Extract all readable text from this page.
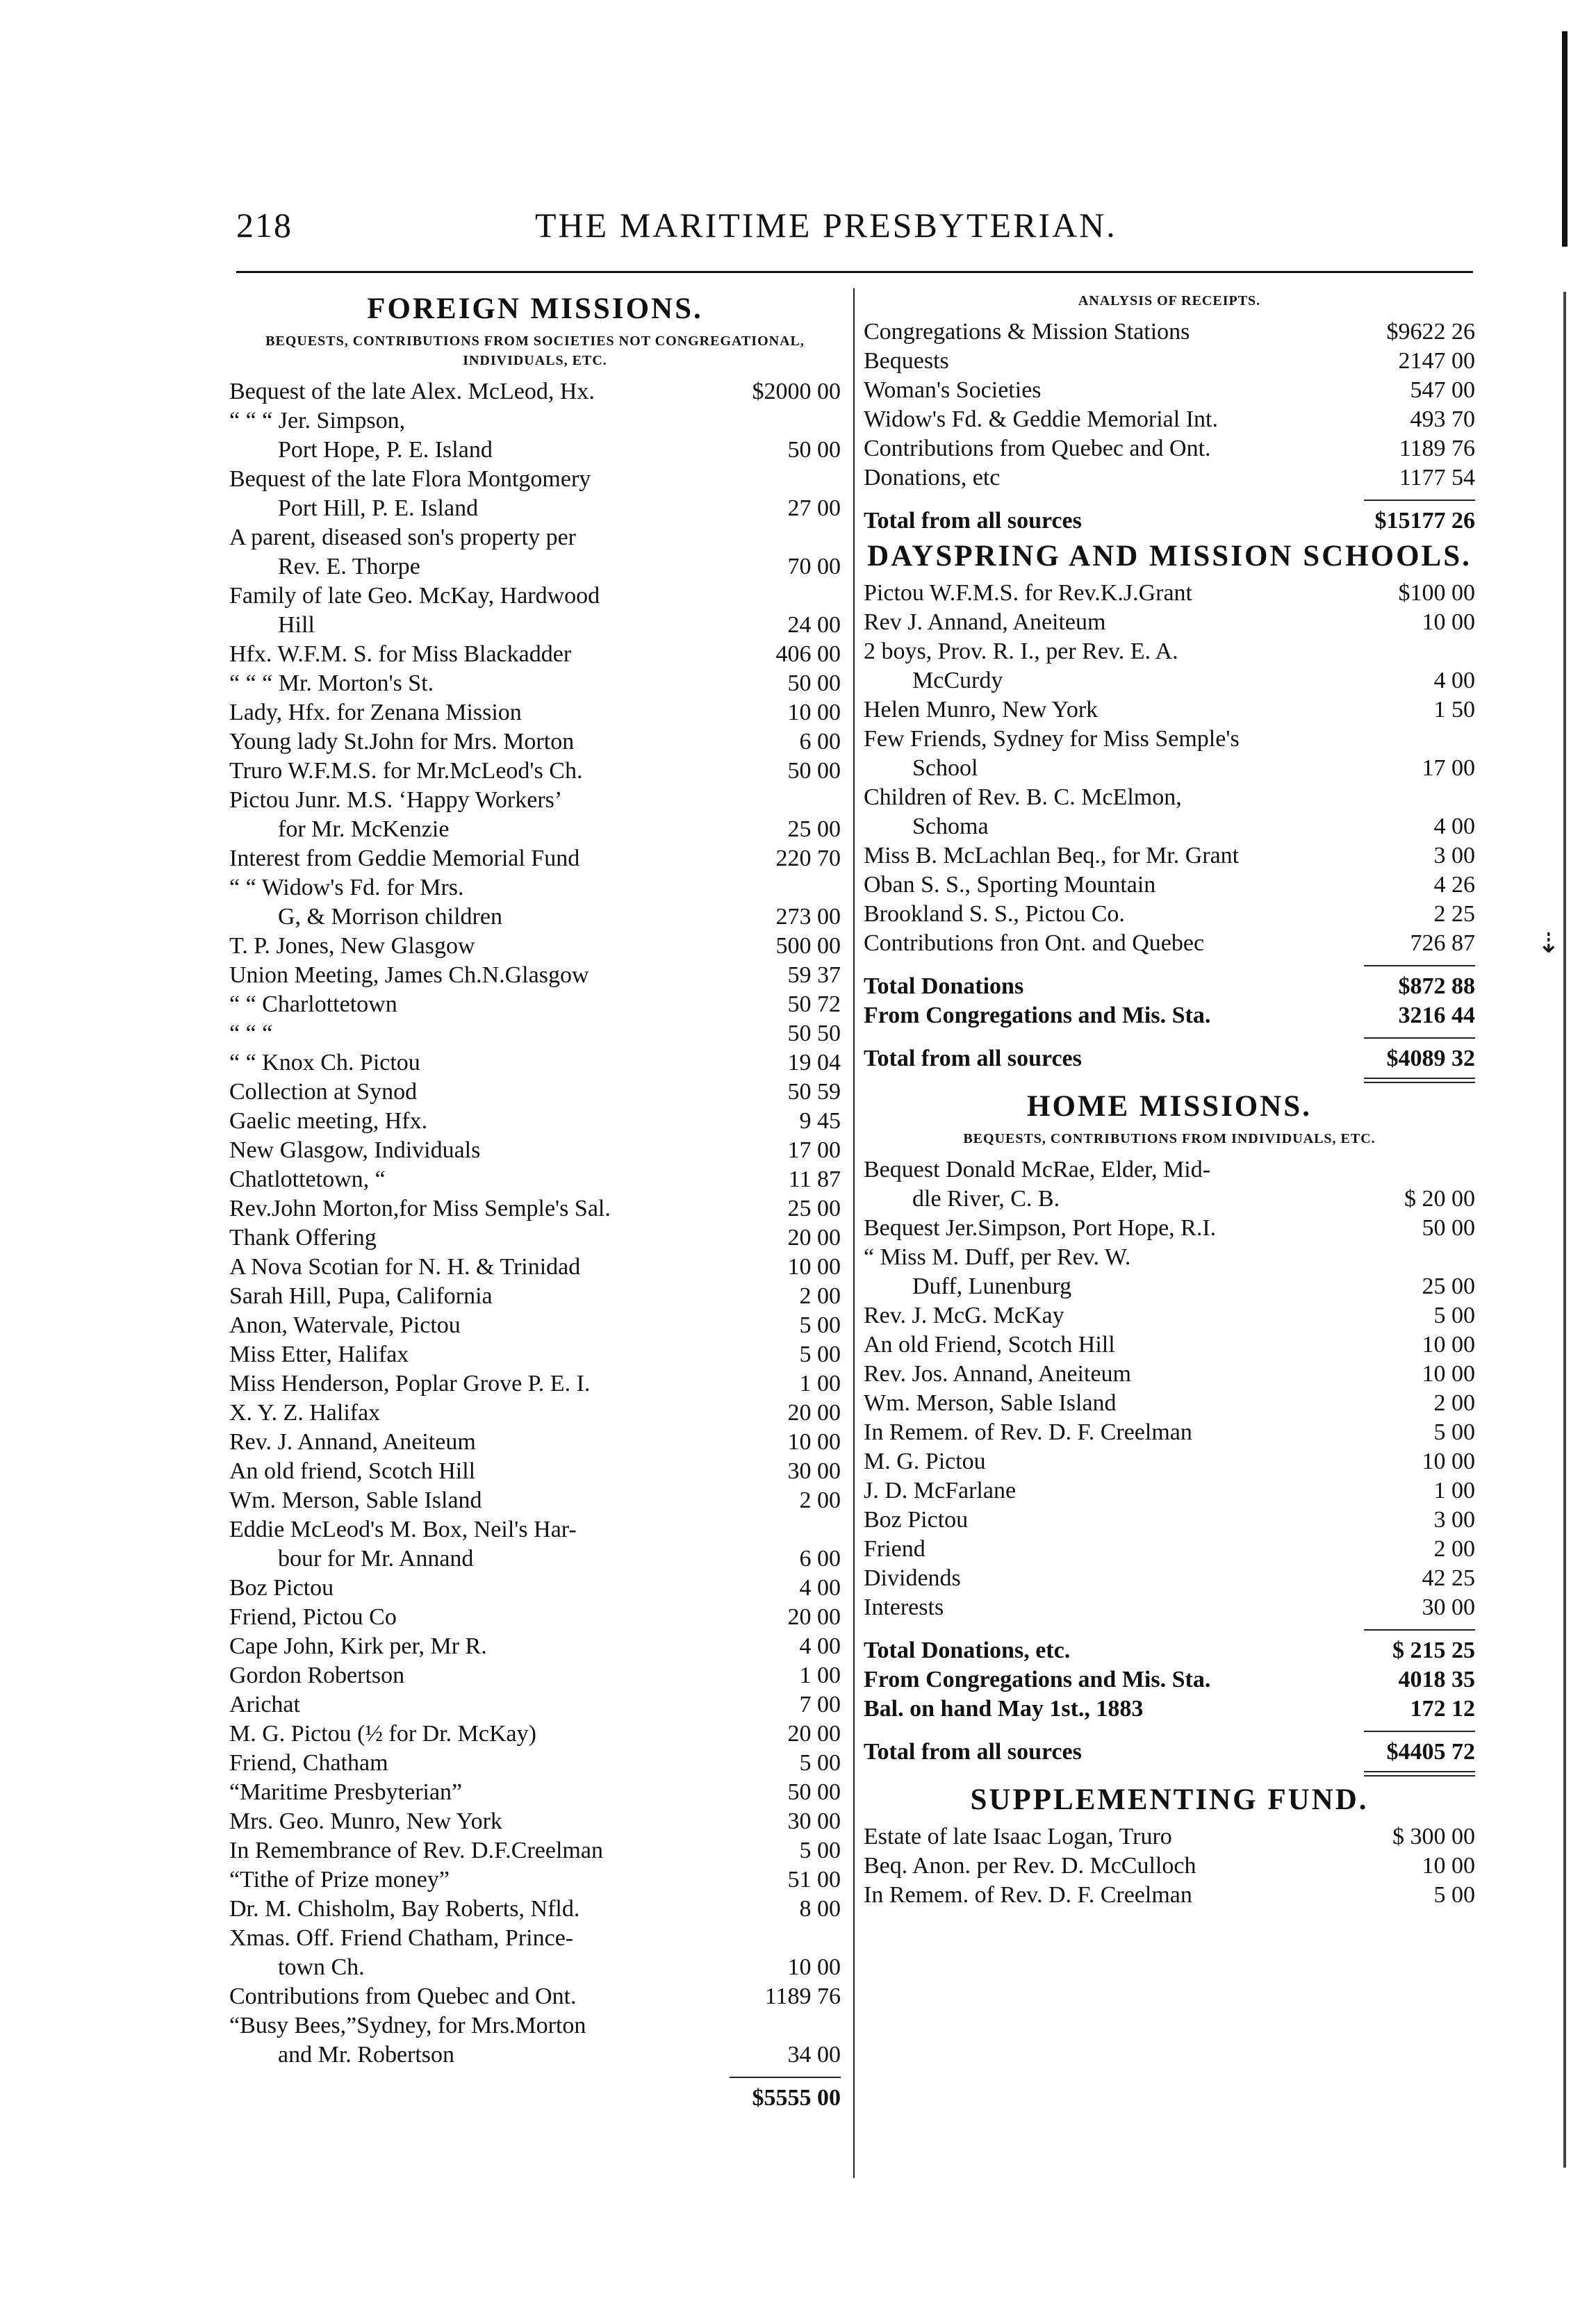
218	THE MARITIME PRESBYTERIAN.
⇣
FOREIGN MISSIONS.
BEQUESTS, CONTRIBUTIONS FROM SOCIETIES NOT CONGREGATIONAL, INDIVIDUALS, ETC.
Bequest of the late Alex. McLeod, Hx.	$2000 00
“ “ “ Jer. Simpson,
Port Hope, P. E. Island	50 00
Bequest of the late Flora Montgomery
Port Hill, P. E. Island	27 00
A parent, diseased son's property per
Rev. E. Thorpe	70 00
Family of late Geo. McKay, Hardwood
Hill	24 00
Hfx. W.F.M. S. for Miss Blackadder	406 00
“ “ “ Mr. Morton's St.	50 00
Lady, Hfx. for Zenana Mission	10 00
Young lady St.John for Mrs. Morton	6 00
Truro W.F.M.S. for Mr.McLeod's Ch.	50 00
Pictou Junr. M.S. ‘Happy Workers’
for Mr. McKenzie	25 00
Interest from Geddie Memorial Fund	220 70
“ “ Widow's Fd. for Mrs.
G, & Morrison children	273 00
T. P. Jones, New Glasgow	500 00
Union Meeting, James Ch.N.Glasgow	59 37
“ “ Charlottetown	50 72
“ “ “	50 50
“ “ Knox Ch. Pictou	19 04
Collection at Synod	50 59
Gaelic meeting, Hfx.	9 45
New Glasgow, Individuals	17 00
Chatlottetown, “	11 87
Rev.John Morton,for Miss Semple's Sal.	25 00
Thank Offering	20 00
A Nova Scotian for N. H. & Trinidad	10 00
Sarah Hill, Pupa, California	2 00
Anon, Watervale, Pictou	5 00
Miss Etter, Halifax	5 00
Miss Henderson, Poplar Grove P. E. I.	1 00
X. Y. Z. Halifax	20 00
Rev. J. Annand, Aneiteum	10 00
An old friend, Scotch Hill	30 00
Wm. Merson, Sable Island	2 00
Eddie McLeod's M. Box, Neil's Har-
bour for Mr. Annand	6 00
Boz Pictou	4 00
Friend, Pictou Co	20 00
Cape John, Kirk per, Mr R.	4 00
Gordon Robertson	1 00
Arichat	7 00
M. G. Pictou (½ for Dr. McKay)	20 00
Friend, Chatham	5 00
“Maritime Presbyterian”	50 00
Mrs. Geo. Munro, New York	30 00
In Remembrance of Rev. D.F.Creelman	5 00
“Tithe of Prize money”	51 00
Dr. M. Chisholm, Bay Roberts, Nfld.	8 00
Xmas. Off. Friend Chatham, Prince-
town Ch.	10 00
Contributions from Quebec and Ont.	1189 76
“Busy Bees,”Sydney, for Mrs.Morton
and Mr. Robertson	34 00
$5555 00
ANALYSIS OF RECEIPTS.
Congregations & Mission Stations	$9622 26
Bequests	2147 00
Woman's Societies	547 00
Widow's Fd. & Geddie Memorial Int.	493 70
Contributions from Quebec and Ont.	1189 76
Donations, etc	1177 54
Total from all sources	$15177 26
DAYSPRING AND MISSION SCHOOLS.
Pictou W.F.M.S. for Rev.K.J.Grant	$100 00
Rev J. Annand, Aneiteum	10 00
2 boys, Prov. R. I., per Rev. E. A.
McCurdy	4 00
Helen Munro, New York	1 50
Few Friends, Sydney for Miss Semple's
School	17 00
Children of Rev. B. C. McElmon,
Schoma	4 00
Miss B. McLachlan Beq., for Mr. Grant	3 00
Oban S. S., Sporting Mountain	4 26
Brookland S. S., Pictou Co.	2 25
Contributions fron Ont. and Quebec	726 87
Total Donations	$872 88
From Congregations and Mis. Sta.	3216 44
Total from all sources	$4089 32
HOME MISSIONS.
BEQUESTS, CONTRIBUTIONS FROM INDIVIDUALS, ETC.
Bequest Donald McRae, Elder, Mid-
dle River, C. B.	$ 20 00
Bequest Jer.Simpson, Port Hope, R.I.	50 00
“ Miss M. Duff, per Rev. W.
Duff, Lunenburg	25 00
Rev. J. McG. McKay	5 00
An old Friend, Scotch Hill	10 00
Rev. Jos. Annand, Aneiteum	10 00
Wm. Merson, Sable Island	2 00
In Remem. of Rev. D. F. Creelman	5 00
M. G. Pictou	10 00
J. D. McFarlane	1 00
Boz Pictou	3 00
Friend	2 00
Dividends	42 25
Interests	30 00
Total Donations, etc.	$ 215 25
From Congregations and Mis. Sta.	4018 35
Bal. on hand May 1st., 1883	172 12
Total from all sources	$4405 72
SUPPLEMENTING FUND.
Estate of late Isaac Logan, Truro	$ 300 00
Beq. Anon. per Rev. D. McCulloch	10 00
In Remem. of Rev. D. F. Creelman	5 00
